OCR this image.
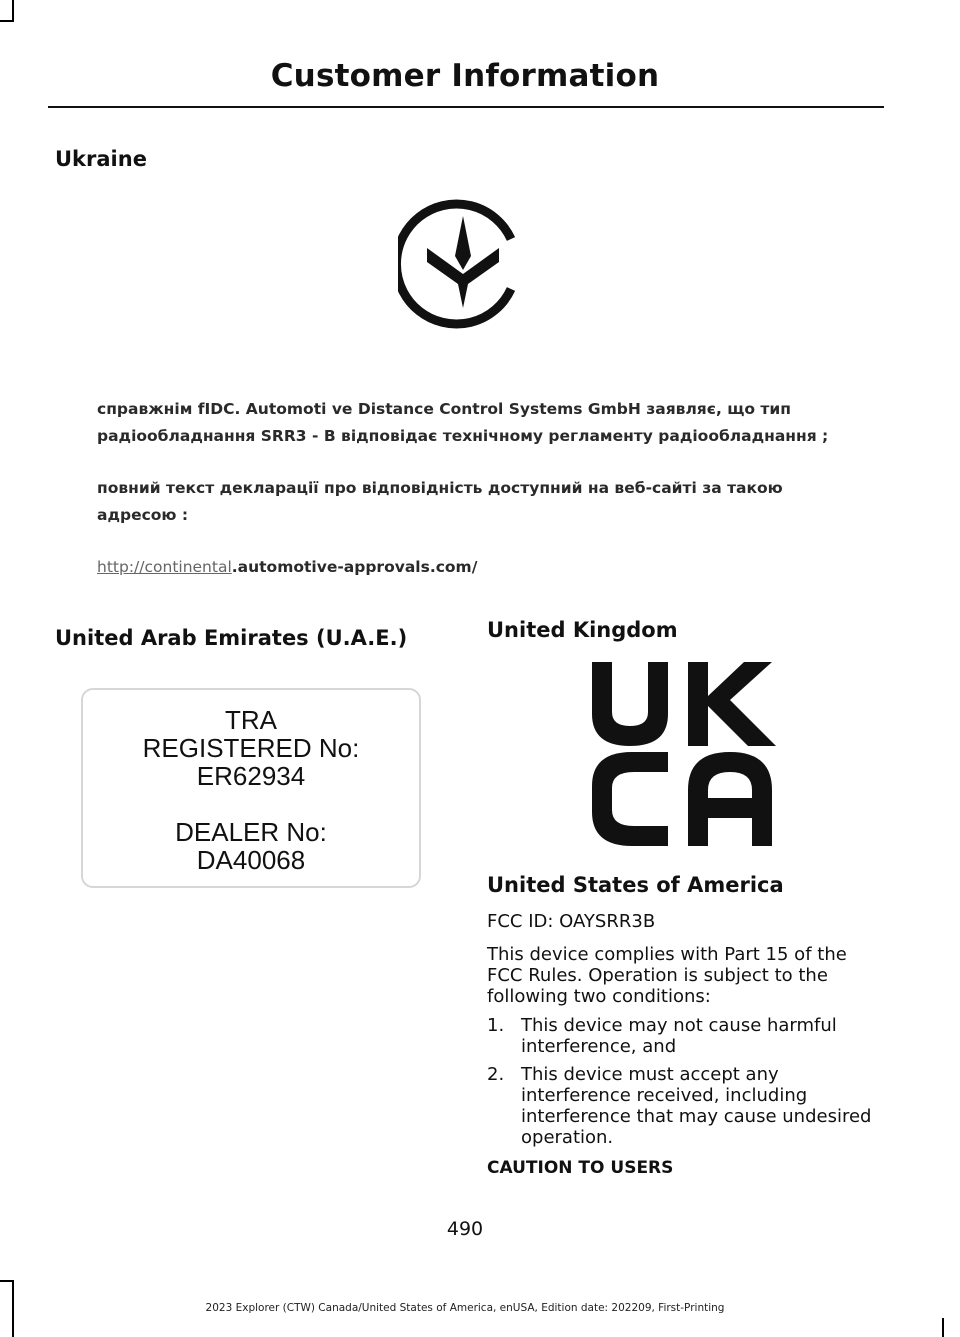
Customer Information
Ukraine

справжнім fIDC. Automoti ve Distance Control Systems GmbH заявляє, що тип

радіообладнання SRR3 - В відповідає технічному регламенту радіообладнання ;

повний текст декларації про відповідність доступний на веб-сайті за такою

адресою :

http://continental.automotive-approvals.com/

United Arab Emirates (U.A.E.)
TRA
REGISTERED No:
ER62934
DEALER No:
DA40068
United Kingdom
United States of America

FCC ID: OAYSRR3B

This device complies with Part 15 of the FCC Rules. Operation is subject to the following two conditions:

1. This device may not cause harmful interference, and
2. This device must accept any interference received, including interference that may cause undesired operation.

CAUTION TO USERS

490
2023 Explorer (CTW) Canada/United States of America, enUSA, Edition date: 202209, First-Printing
